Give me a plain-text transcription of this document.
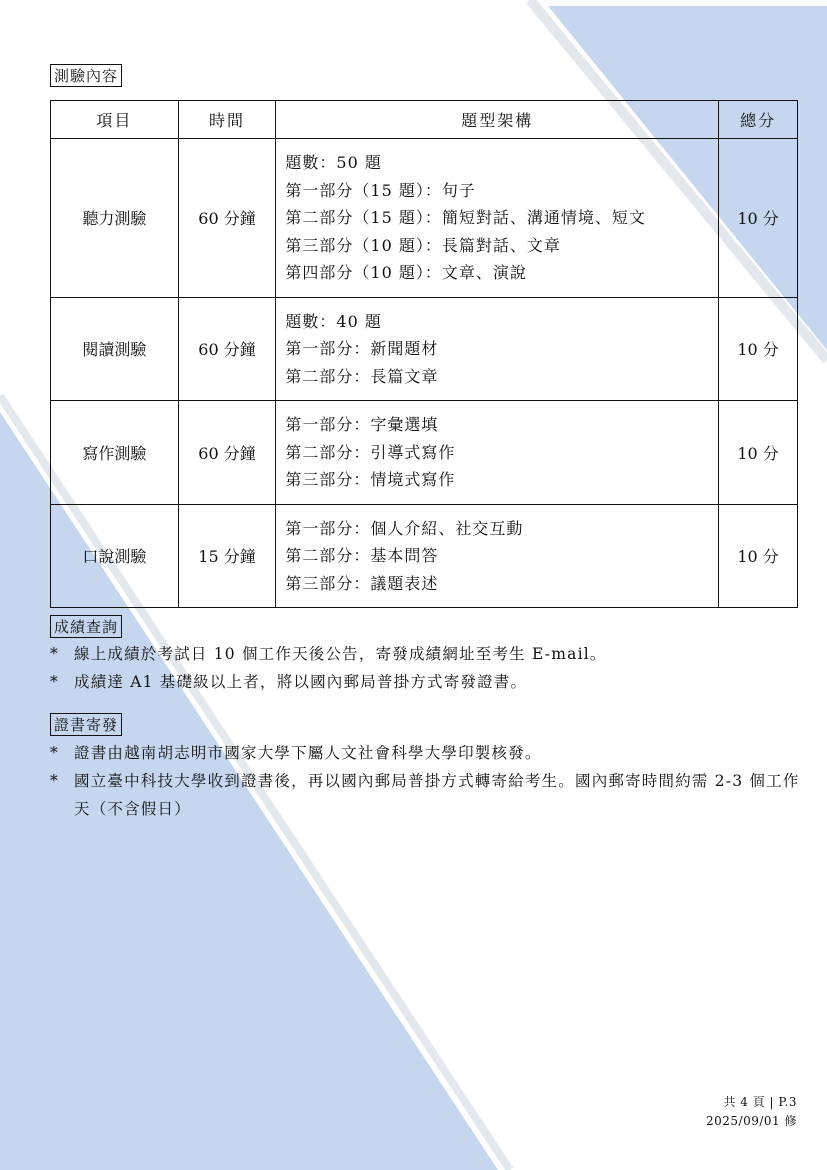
測驗內容
項目	時間	題型架構	總分
聽力測驗	60 分鐘	題數：50 題
第一部分（15 題）：句子
第二部分（15 題）：簡短對話、溝通情境、短文
第三部分（10 題）：長篇對話、文章
第四部分（10 題）：文章、演說	10 分
閱讀測驗	60 分鐘	題數：40 題
第一部分：新聞題材
第二部分：長篇文章	10 分
寫作測驗	60 分鐘	第一部分：字彙選填
第二部分：引導式寫作
第三部分：情境式寫作	10 分
口說測驗	15 分鐘	第一部分：個人介紹、社交互動
第二部分：基本問答
第三部分：議題表述	10 分
成績查詢
* 線上成績於考試日 10 個工作天後公告，寄發成績網址至考生 E-mail。
* 成績達 A1 基礎級以上者，將以國內郵局普掛方式寄發證書。
證書寄發
* 證書由越南胡志明市國家大學下屬人文社會科學大學印製核發。
* 國立臺中科技大學收到證書後，再以國內郵局普掛方式轉寄給考生。國內郵寄時間約需 2-3 個工作天（不含假日）
共 4 頁 | P.3
2025/09/01 修
